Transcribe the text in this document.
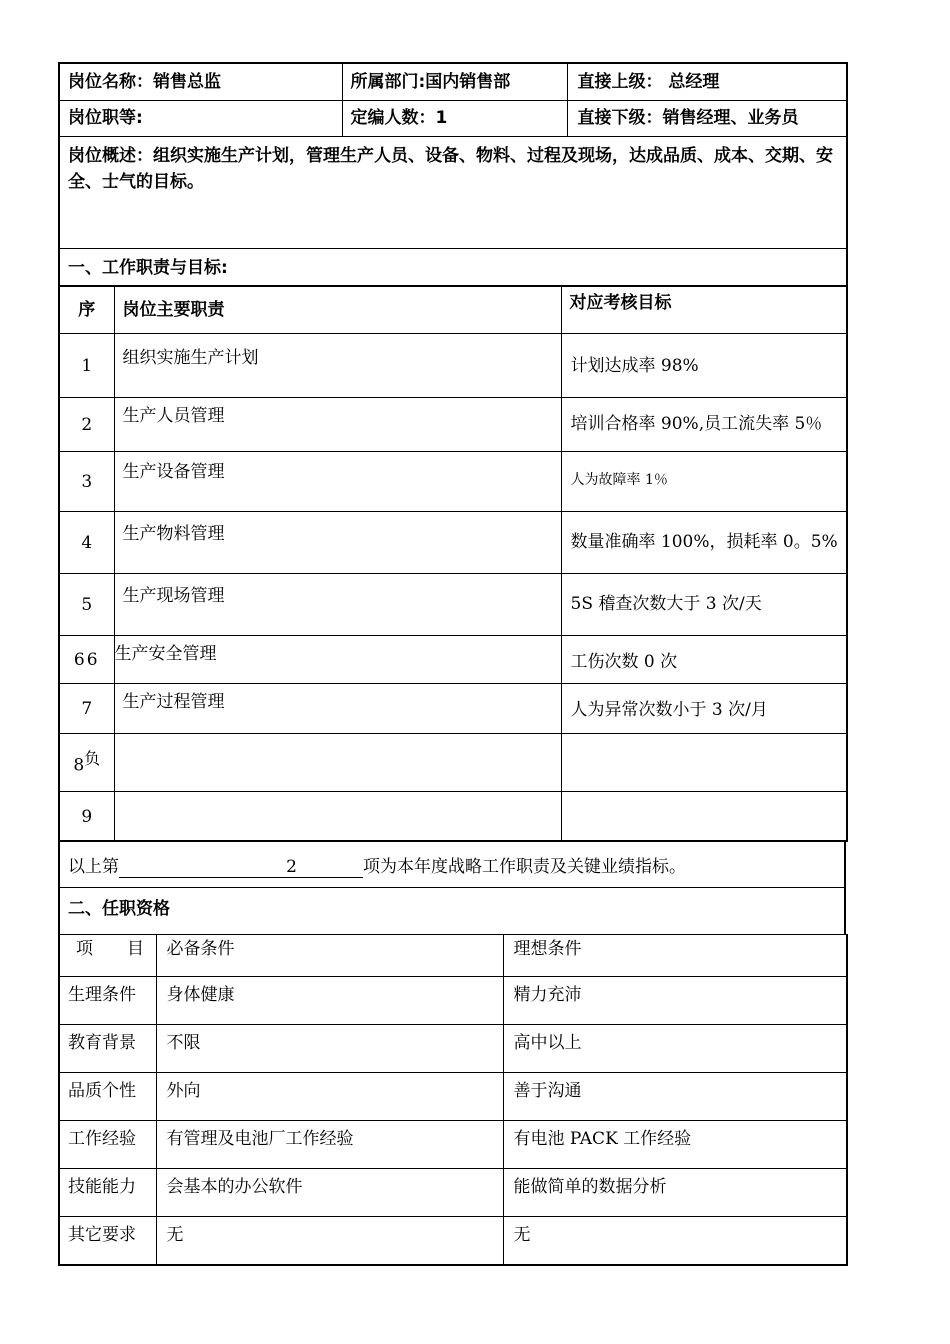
岗位名称：销售总监	所属部门:国内销售部	直接上级： 总经理
岗位职等:	定编人数：1	直接下级：销售经理、业务员
岗位概述：组织实施生产计划，管理生产人员、设备、物料、过程及现场，达成品质、成本、交期、安全、士气的目标。		
一、工作职责与目标:		
序	岗位主要职责	对应考核目标
1	组织实施生产计划	计划达成率 98%
2	生产人员管理	培训合格率 90%,员工流失率 5％
3	生产设备管理	人为故障率 1％
4	生产物料管理	数量准确率 100%，损耗率 0。5%
5	生产现场管理	5S 稽查次数大于 3 次/天
66	生产安全管理	工伤次数 0 次
7	生产过程管理	人为异常次数小于 3 次/月
$8^负$		
9		
以上第	2	项为本年度战略工作职责及关键业绩指标。
二、任职资格
项　　目	必备条件	理想条件
生理条件	身体健康	精力充沛
教育背景	不限	高中以上
品质个性	外向	善于沟通
工作经验	有管理及电池厂工作经验	有电池 PACK 工作经验
技能能力	会基本的办公软件	能做简单的数据分析
其它要求	无	无
